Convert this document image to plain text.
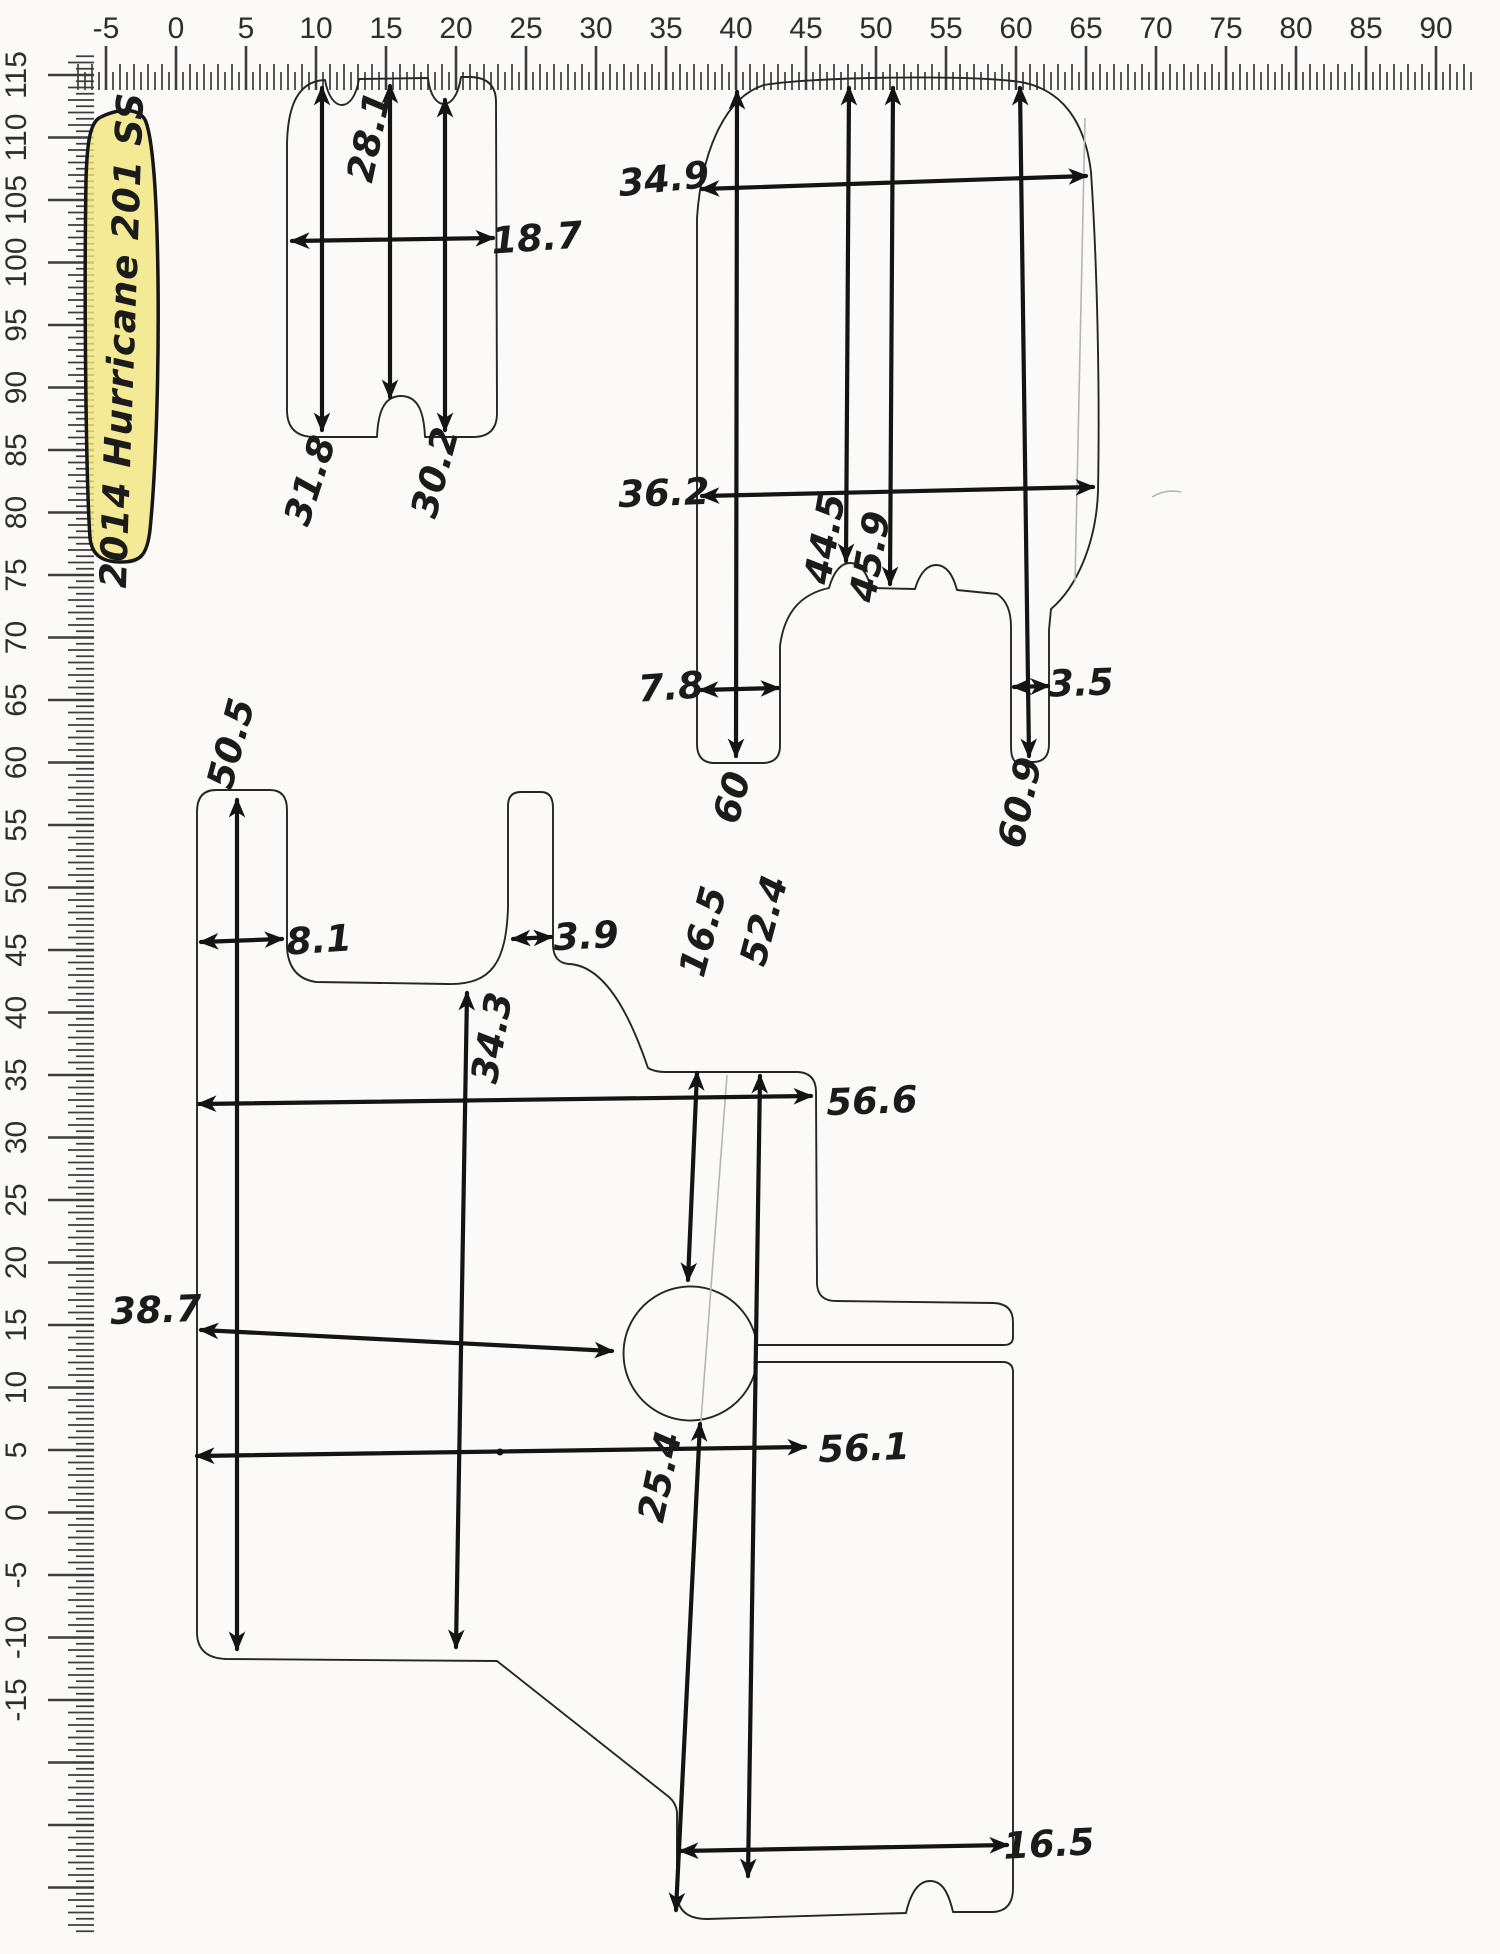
-5 0 5 10 15 20 25 30 35 40 45 50 55 60 65 70 75 80 85 90
115
110
105
100
95
90
85
80
75
70
65
60
55
50
45
40
35
30
25
20
15
10
5
0
-5
-10
-15
2014 Hurricane 201 SS	28.1
31.8 30.2
18.7
34.9
36.2 44.5
45.9
7.8	3.5
60	60.9
50.5
8.1	3.9
34.3
16.5
52.4
56.6
38.7
25.4	56.1
16.5
